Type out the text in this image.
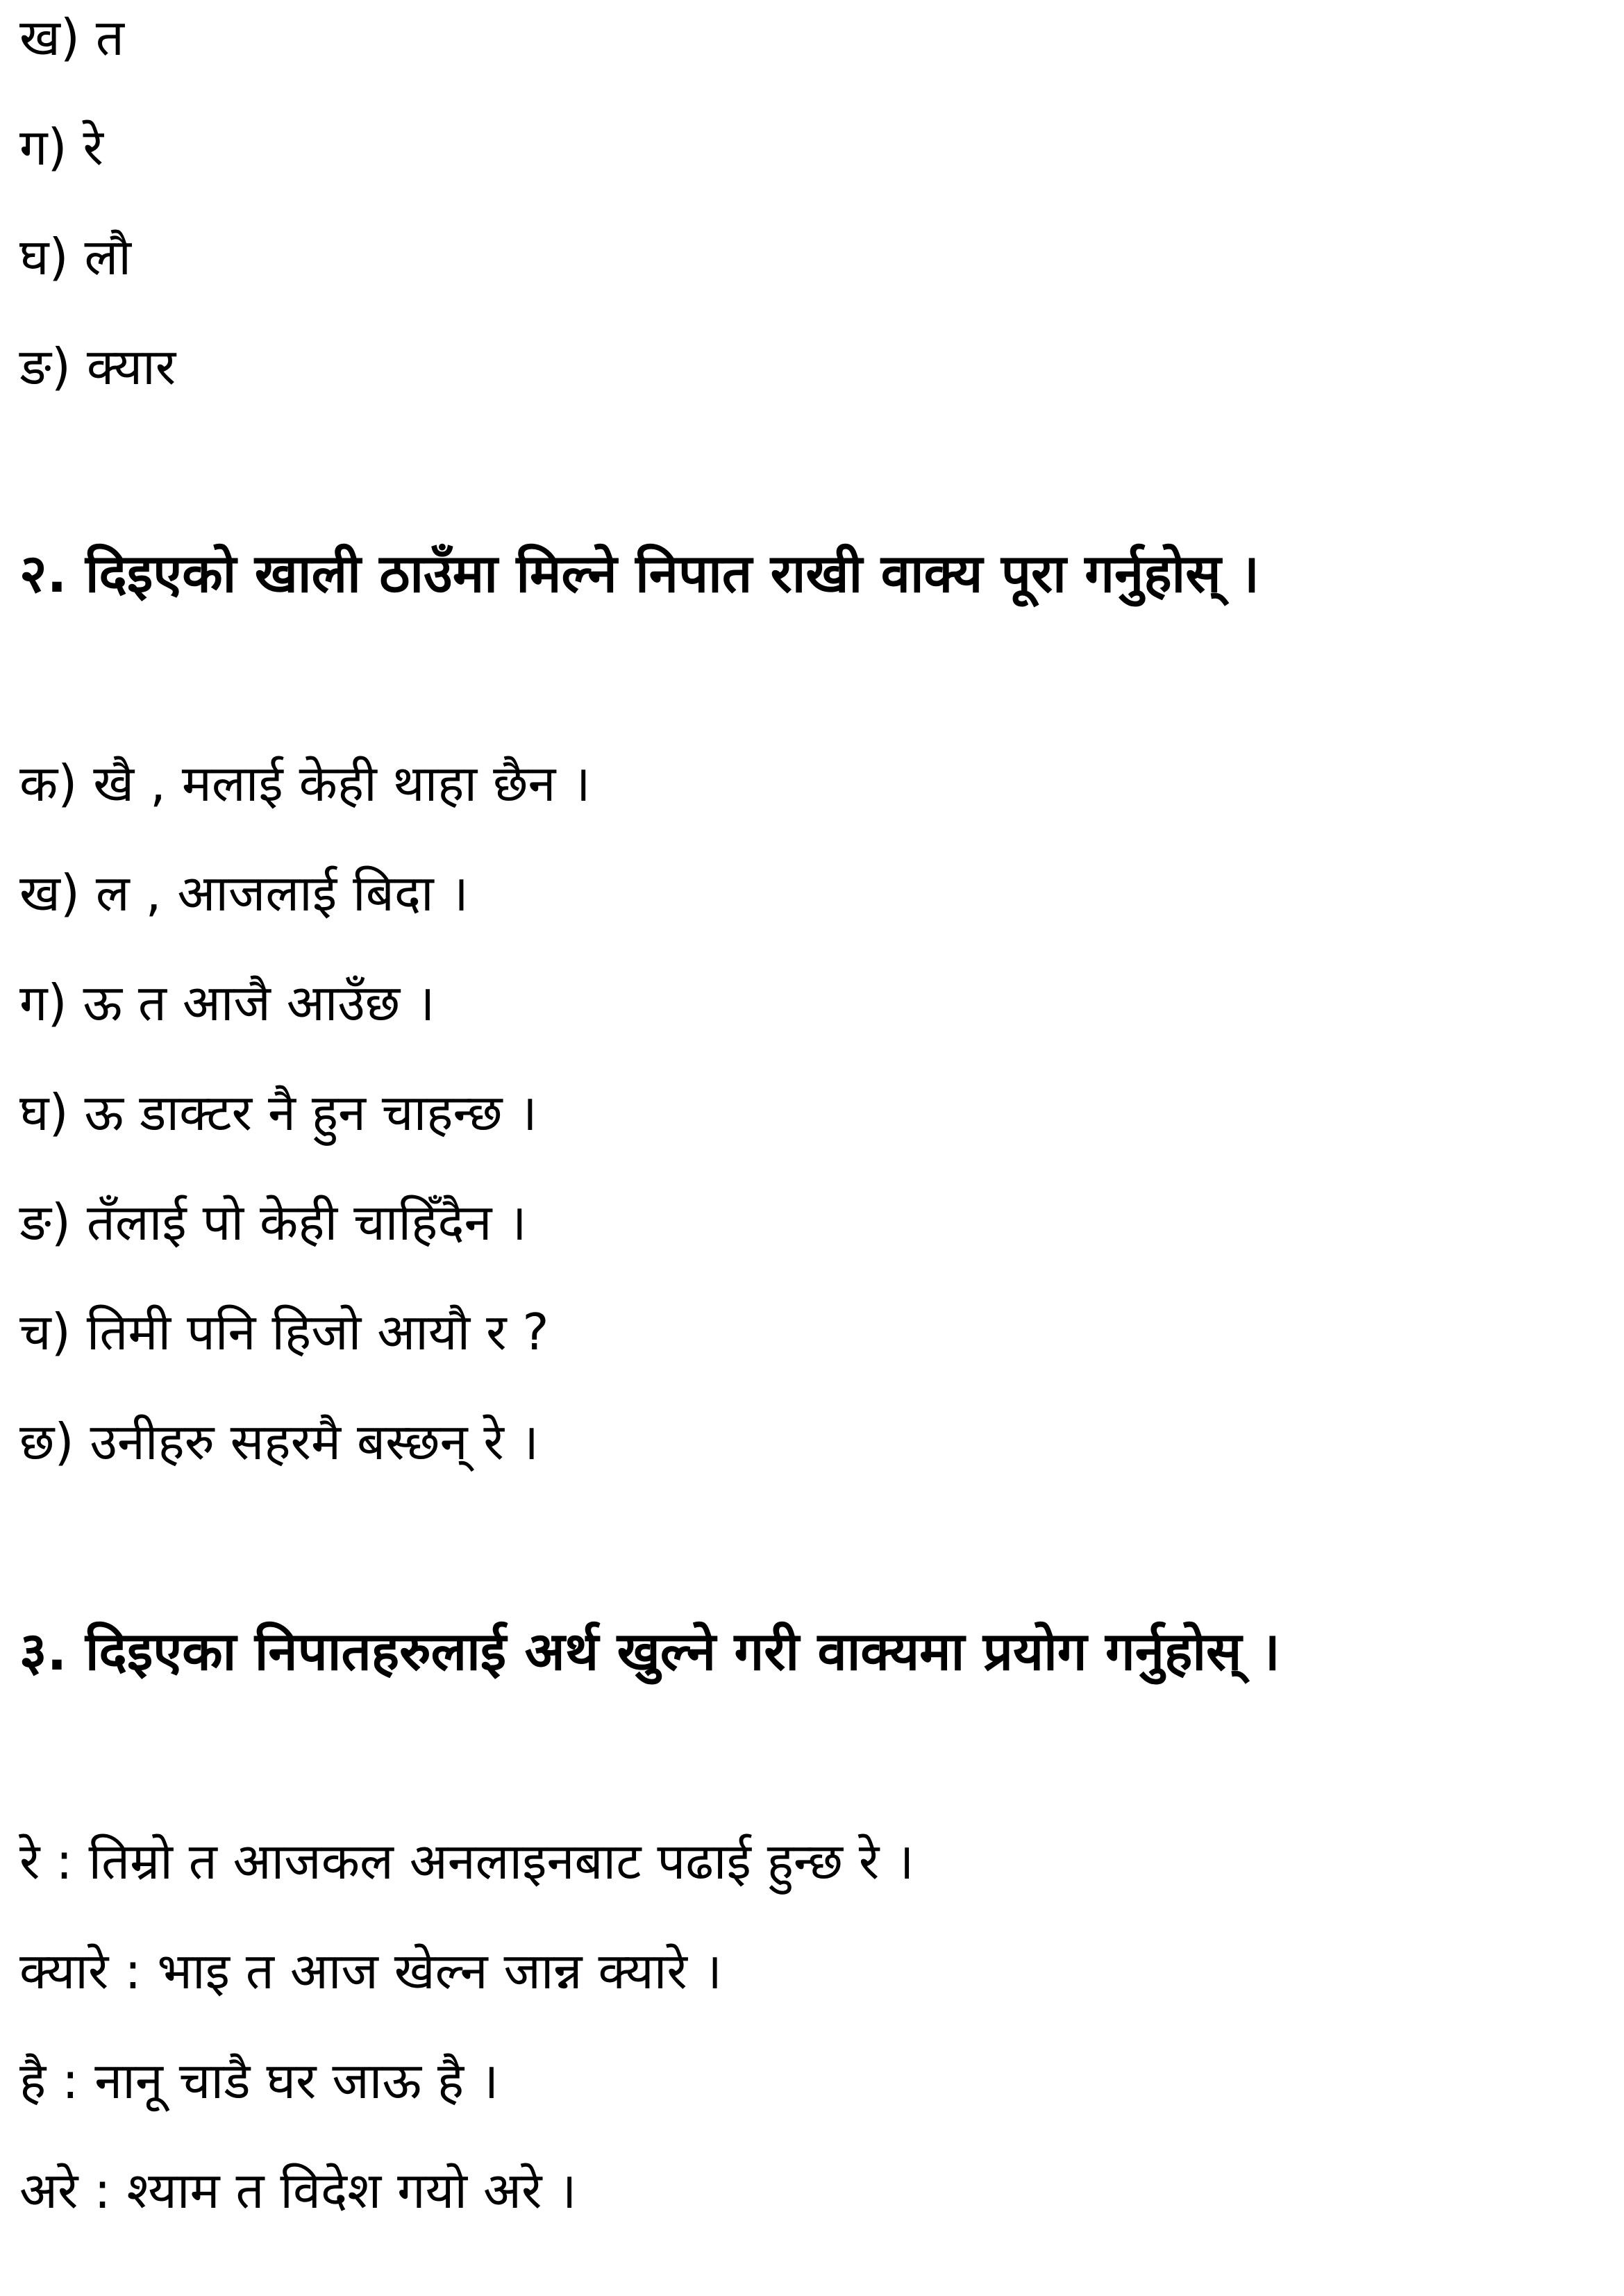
ख) त
ग) रे
घ) लौ
ङ) क्यार
२. दिइएको खाली ठाउँमा मिल्ने निपात राखी वाक्य पूरा गर्नुहोस् ।
क) खै , मलाई केही थाहा छैन ।
ख) ल , आजलाई बिदा ।
ग) ऊ त आजै आउँछ ।
घ) ऊ डाक्टर नै हुन चाहन्छ ।
ङ) तँलाई पो केही चाहिँदैन ।
च) तिमी पनि हिजो आयौ र ?
छ) उनीहरु सहरमै बस्छन् रे ।
३. दिइएका निपातहरुलाई अर्थ खुल्ने गरी वाक्यमा प्रयोग गर्नुहोस् ।
रे : तिम्रो त आजकल अनलाइनबाट पढाई हुन्छ रे ।
क्यारे : भाइ त आज खेल्न जान्न क्यारे ।
है : नानू चाडै घर जाऊ है ।
अरे : श्याम त विदेश गयो अरे ।
